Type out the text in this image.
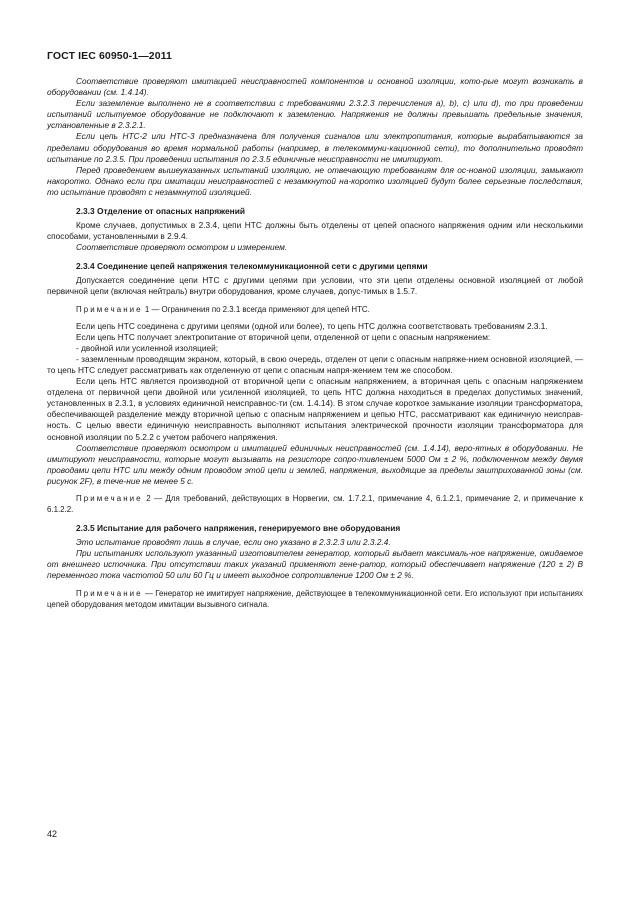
ГОСТ IEC 60950-1—2011

Соответствие проверяют имитацией неисправностей компонентов и основной изоляции, кото-рые могут возникать в оборудовании (см. 1.4.14).

Если заземление выполнено не в соответствии с требованиями 2.3.2.3 перечисления a), b), c) или d), то при проведении испытаний испытуемое оборудование не подключают к заземлению. Напряжения не должны превышать предельные значения, установленные в 2.3.2.1.

Если цепь НТС-2 или НТС-3 предназначена для получения сигналов или электропитания, которые вырабатываются за пределами оборудования во время нормальной работы (например, в телекоммуни-кационной сети), то дополнительно проводят испытание по 2.3.5. При проведении испытания по 2.3.5 единичные неисправности не имитируют.

Перед проведением вышеуказанных испытаний изоляцию, не отвечающую требованиям для ос-новной изоляции, замыкают накоротко. Однако если при имитации неисправностей с незамкнутой на-коротко изоляцией будут более серьезные последствия, то испытание проводят с незамкнутой изоляцией.

2.3.3 Отделение от опасных напряжений

Кроме случаев, допустимых в 2.3.4, цепи НТС должны быть отделены от цепей опасного напряжения одним или несколькими способами, установленными в 2.9.4.

Соответствие проверяют осмотром и измерением.

2.3.4 Соединение цепей напряжения телекоммуникационной сети с другими цепями

Допускается соединение цепи НТС с другими цепями при условии, что эти цепи отделены основной изоляцией от любой первичной цепи (включая нейтраль) внутри оборудования, кроме случаев, допус-тимых в 1.5.7.

Примечание 1 — Ограничения по 2.3.1 всегда применяют для цепей НТС.

Если цепь НТС соединена с другими цепями (одной или более), то цепь НТС должна соответствовать требованиям 2.3.1.

Если цепь НТС получает электропитание от вторичной цепи, отделенной от цепи с опасным напряжением:

- двойной или усиленной изоляцией;

- заземленным проводящим экраном, который, в свою очередь, отделен от цепи с опасным напряже-нием основной изоляцией, — то цепь НТС следует рассматривать как отделенную от цепи с опасным напря-жением тем же способом.

Если цепь НТС является производной от вторичной цепи с опасным напряжением, а вторичная цепь с опасным напряжением отделена от первичной цепи двойной или усиленной изоляцией, то цепь НТС должна находиться в пределах допустимых значений, установленных в 2.3.1, в условиях единичной неисправнос-ти (см. 1.4.14). В этом случае короткое замыкание изоляции трансформатора, обеспечивающей разделение между вторичной цепью с опасным напряжением и цепью НТС, рассматривают как единичную неисправ-ность. С целью ввести единичную неисправность выполняют испытания электрической прочности изоляции трансформатора для основной изоляции по 5.2.2 с учетом рабочего напряжения.

Соответствие проверяют осмотром и имитацией единичных неисправностей (см. 1.4.14), веро-ятных в оборудовании. Не имитируют неисправности, которые могут вызывать на резисторе сопро-тивлением 5000 Ом ± 2 %, подключенном между двумя проводами цепи НТС или между одним проводом этой цепи и землей, напряжения, выходящие за пределы заштрихованной зоны (см. рисунок 2F), в тече-ние не менее 5 с.

Примечание 2 — Для требований, действующих в Норвегии, см. 1.7.2.1, примечание 4, 6.1.2.1, примечание 2, и примечание к 6.1.2.2.

2.3.5 Испытание для рабочего напряжения, генерируемого вне оборудования

Это испытание проводят лишь в случае, если оно указано в 2.3.2.3 или 2.3.2.4.

При испытаниях используют указанный изготовителем генератор, который выдает максималь-ное напряжение, ожидаемое от внешнего источника. При отсутствии таких указаний применяют гене-ратор, который обеспечивает напряжение (120 ± 2) В переменного тока частотой 50 или 60 Гц и имеет выходное сопротивление 1200 Ом ± 2 %.

Примечание — Генератор не имитирует напряжение, действующее в телекоммуникационной сети. Его используют при испытаниях цепей оборудования методом имитации вызывного сигнала.

42
